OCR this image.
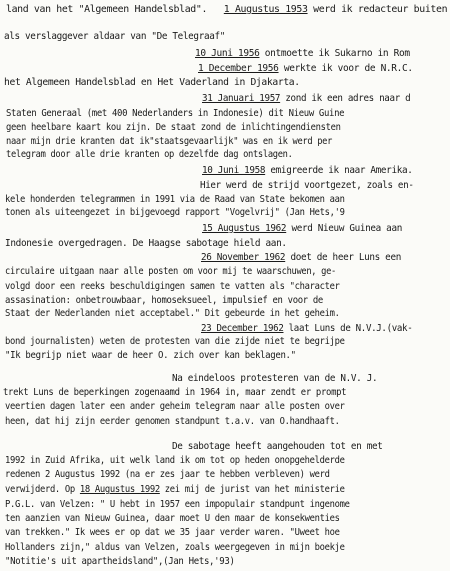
land van het "Algemeen Handelsblad".   1 Augustus 1953 werd ik redacteur buiten
als verslaggever aldaar van "De Telegraaf"
10 Juni 1956 ontmoette ik Sukarno in Rom
1 December 1956 werkte ik voor de N.R.C.
het Algemeen Handelsblad en Het Vaderland in Djakarta.
31 Januari 1957 zond ik een adres naar d
Staten Generaal (met 400 Nederlanders in Indonesie) dit Nieuw Guine
geen heelbare kaart kou zijn. De staat zond de inlichtingendiensten
naar mijn drie kranten dat ik"staatsgevaarlijk" was en ik werd per
telegram door alle drie kranten op dezelfde dag ontslagen.
10 Juni 1958 emigreerde ik naar Amerika.
Hier werd de strijd voortgezet, zoals en-
kele honderden telegrammen in 1991 via de Raad van State bekomen aan
tonen als uiteengezet in bijgevoegd rapport "Vogelvrij" (Jan Hets,'9
15 Augustus 1962 werd Nieuw Guinea aan
Indonesie overgedragen. De Haagse sabotage hield aan.
26 November 1962 doet de heer Luns een
circulaire uitgaan naar alle posten om voor mij te waarschuwen, ge-
volgd door een reeks beschuldigingen samen te vatten als "character
assasination: onbetrouwbaar, homoseksueel, impulsief en voor de
Staat der Nederlanden niet acceptabel." Dit gebeurde in het geheim.
23 December 1962 laat Luns de N.V.J.(vak-
bond journalisten) weten de protesten van die zijde niet te begrijpe
"Ik begrijp niet waar de heer O. zich over kan beklagen."
Na eindeloos protesteren van de N.V. J.
trekt Luns de beperkingen zogenaamd in 1964 in, maar zendt er prompt
veertien dagen later een ander geheim telegram naar alle posten over
heen, dat hij zijn eerder genomen standpunt t.a.v. van O.handhaaft.
De sabotage heeft aangehouden tot en met
1992 in Zuid Afrika, uit welk land ik om tot op heden onopgehelderde
redenen 2 Augustus 1992 (na er zes jaar te hebben verbleven) werd
verwijderd. Op 18 Augustus 1992 zei mij de jurist van het ministerie
P.G.L. van Velzen: " U hebt in 1957 een impopulair standpunt ingenome
ten aanzien van Nieuw Guinea, daar moet U den maar de konsekwenties
van trekken." Ik wees er op dat we 35 jaar verder waren. "Uweet hoe
Hollanders zijn," aldus van Velzen, zoals weergegeven in mijn boekje
"Notitie's uit apartheidsland",(Jan Hets,'93)
